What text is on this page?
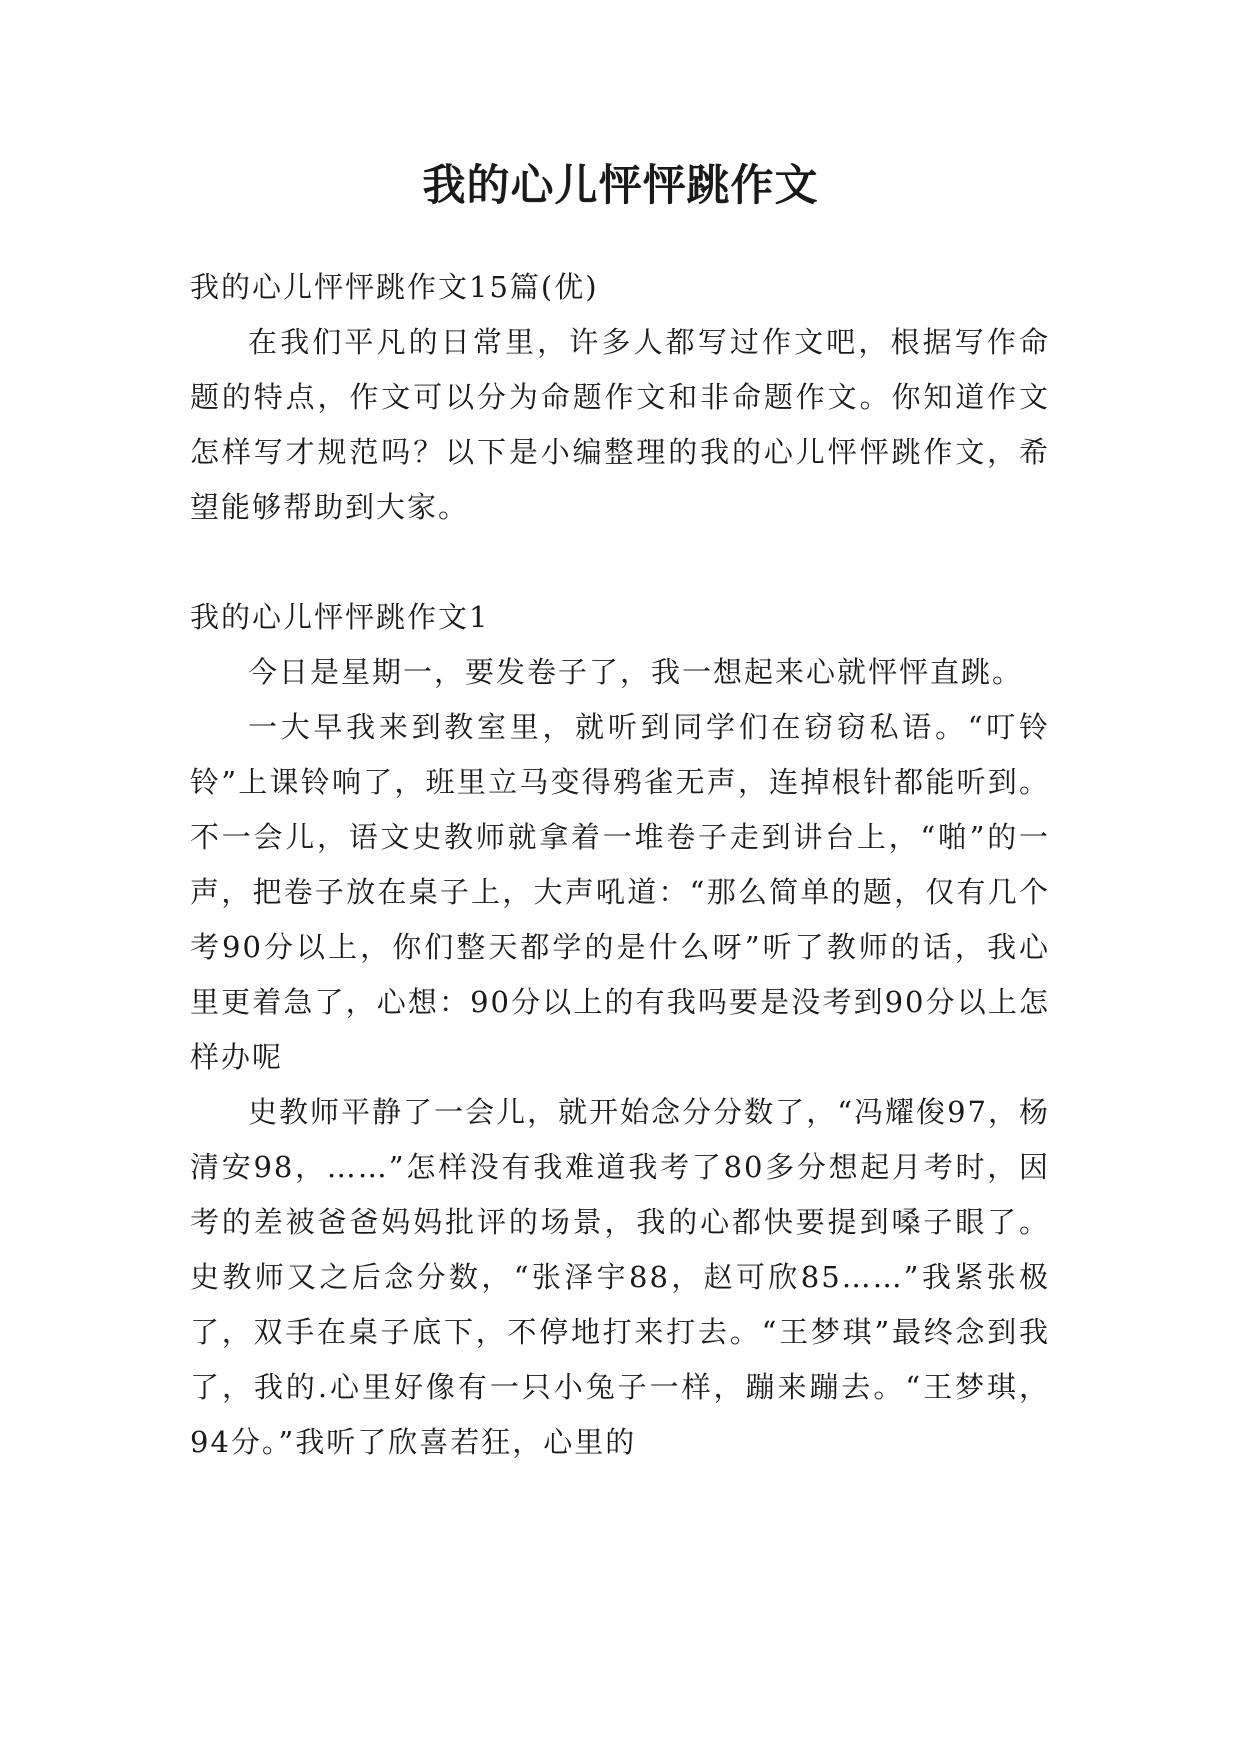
我的心儿怦怦跳作文

我的心儿怦怦跳作文15篇(优)

在我们平凡的日常里，许多人都写过作文吧，根据写作命题的特点，作文可以分为命题作文和非命题作文。你知道作文怎样写才规范吗？以下是小编整理的我的心儿怦怦跳作文，希望能够帮助到大家。

我的心儿怦怦跳作文1

今日是星期一，要发卷子了，我一想起来心就怦怦直跳。

一大早我来到教室里，就听到同学们在窃窃私语。“叮铃铃”上课铃响了，班里立马变得鸦雀无声，连掉根针都能听到。不一会儿，语文史教师就拿着一堆卷子走到讲台上，“啪”的一声，把卷子放在桌子上，大声吼道：“那么简单的题，仅有几个考90分以上，你们整天都学的是什么呀”听了教师的话，我心里更着急了，心想：90分以上的有我吗要是没考到90分以上怎样办呢

史教师平静了一会儿，就开始念分分数了，“冯耀俊97，杨清安98，……”怎样没有我难道我考了80多分想起月考时，因考的差被爸爸妈妈批评的场景，我的心都快要提到嗓子眼了。史教师又之后念分数，“张泽宇88，赵可欣85……”我紧张极了，双手在桌子底下，不停地打来打去。“王梦琪”最终念到我了，我的.心里好像有一只小兔子一样，蹦来蹦去。“王梦琪，94分。”我听了欣喜若狂，心里的
